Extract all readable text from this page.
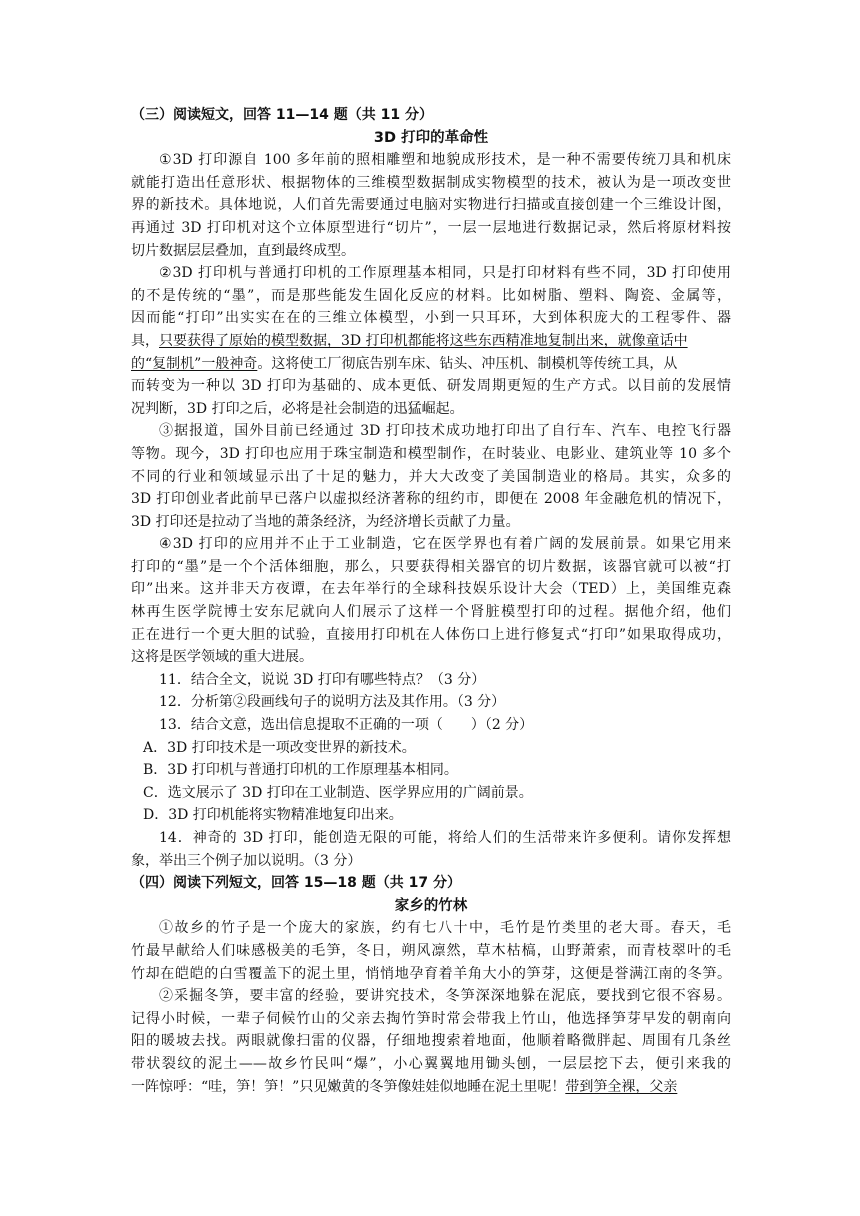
（三）阅读短文，回答 11—14 题（共 11 分）
3D 打印的革命性
①3D 打印源自 100 多年前的照相雕塑和地貌成形技术，是一种不需要传统刀具和机床
就能打造出任意形状、根据物体的三维模型数据制成实物模型的技术，被认为是一项改变世
界的新技术。具体地说，人们首先需要通过电脑对实物进行扫描或直接创建一个三维设计图，
再通过 3D 打印机对这个立体原型进行“切片”，一层一层地进行数据记录，然后将原材料按
切片数据层层叠加，直到最终成型。
②3D 打印机与普通打印机的工作原理基本相同，只是打印材料有些不同，3D 打印使用
的不是传统的“墨”，而是那些能发生固化反应的材料。比如树脂、塑料、陶瓷、金属等，
因而能“打印”出实实在在的三维立体模型，小到一只耳环，大到体积庞大的工程零件、器
具，只要获得了原始的模型数据，3D 打印机都能将这些东西精准地复制出来，就像童话中
的“复制机”一般神奇。这将使工厂彻底告别车床、钻头、冲压机、制模机等传统工具，从
而转变为一种以 3D 打印为基础的、成本更低、研发周期更短的生产方式。以目前的发展情
况判断，3D 打印之后，必将是社会制造的迅猛崛起。
③据报道，国外目前已经通过 3D 打印技术成功地打印出了自行车、汽车、电控飞行器
等物。现今，3D 打印也应用于珠宝制造和模型制作，在时装业、电影业、建筑业等 10 多个
不同的行业和领域显示出了十足的魅力，并大大改变了美国制造业的格局。其实，众多的
3D 打印创业者此前早已落户以虚拟经济著称的纽约市，即便在 2008 年金融危机的情况下，
3D 打印还是拉动了当地的萧条经济，为经济增长贡献了力量。
④3D 打印的应用并不止于工业制造，它在医学界也有着广阔的发展前景。如果它用来
打印的“墨”是一个个活体细胞，那么，只要获得相关器官的切片数据，该器官就可以被“打
印”出来。这并非天方夜谭，在去年举行的全球科技娱乐设计大会（TED）上，美国维克森
林再生医学院博士安东尼就向人们展示了这样一个肾脏模型打印的过程。据他介绍，他们
正在进行一个更大胆的试验，直接用打印机在人体伤口上进行修复式“打印”如果取得成功，
这将是医学领域的重大进展。
11．结合全文，说说 3D 打印有哪些特点？（3 分）
12．分析第②段画线句子的说明方法及其作用。（3 分）
13．结合文意，选出信息提取不正确的一项（　　）（2 分）
A．3D 打印技术是一项改变世界的新技术。
B．3D 打印机与普通打印机的工作原理基本相同。
C．选文展示了 3D 打印在工业制造、医学界应用的广阔前景。
D．3D 打印机能将实物精准地复印出来。
14．神奇的 3D 打印，能创造无限的可能，将给人们的生活带来许多便利。请你发挥想
象，举出三个例子加以说明。（3 分）
（四）阅读下列短文，回答 15—18 题（共 17 分）
家乡的竹林
①故乡的竹子是一个庞大的家族，约有七八十中，毛竹是竹类里的老大哥。春天，毛
竹最早献给人们味感极美的毛笋，冬日，朔风凛然，草木枯槁，山野萧索，而青枝翠叶的毛
竹却在皑皑的白雪覆盖下的泥土里，悄悄地孕育着羊角大小的笋芽，这便是誉满江南的冬笋。
②采掘冬笋，要丰富的经验，要讲究技术，冬笋深深地躲在泥底，要找到它很不容易。
记得小时候，一辈子伺候竹山的父亲去掏竹笋时常会带我上竹山，他选择笋芽早发的朝南向
阳的暖坡去找。两眼就像扫雷的仪器，仔细地搜索着地面，他顺着略微胖起、周围有几条丝
带状裂纹的泥土——故乡竹民叫“爆”，小心翼翼地用锄头刨，一层层挖下去，便引来我的
一阵惊呼：“哇，笋！笋！”只见嫩黄的冬笋像娃娃似地睡在泥土里呢！带到笋全裸，父亲
